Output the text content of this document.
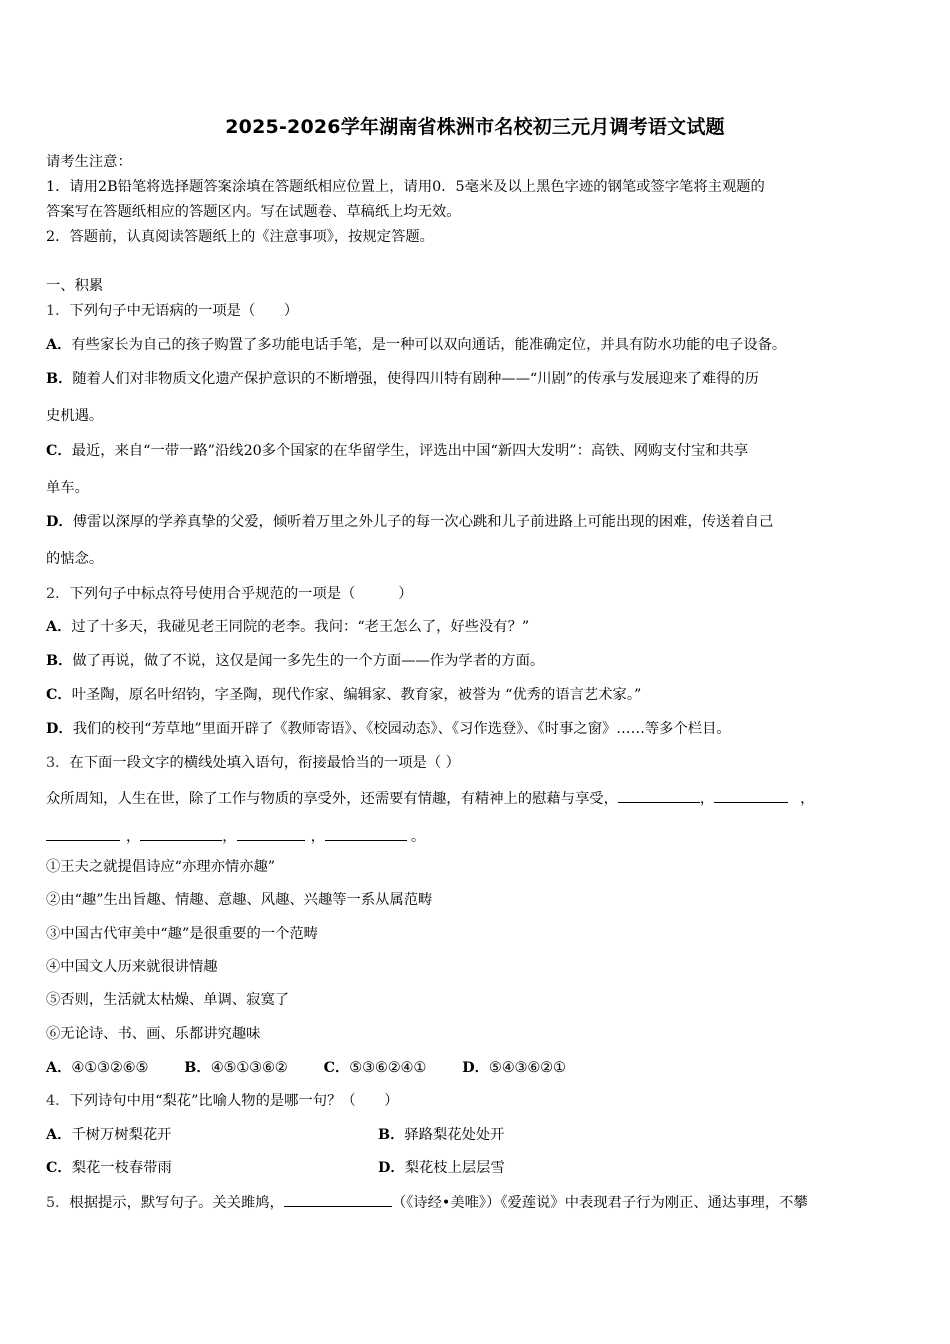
2025-2026学年湖南省株洲市名校初三元月调考语文试题
请考生注意：
1．请用2B铅笔将选择题答案涂填在答题纸相应位置上，请用0．5毫米及以上黑色字迹的钢笔或签字笔将主观题的
答案写在答题纸相应的答题区内。写在试题卷、草稿纸上均无效。
2．答题前，认真阅读答题纸上的《注意事项》，按规定答题。
一、积累
1．下列句子中无语病的一项是（　　）
A．有些家长为自己的孩子购置了多功能电话手笔，是一种可以双向通话，能准确定位，并具有防水功能的电子设备。
B．随着人们对非物质文化遗产保护意识的不断增强，使得四川特有剧种——“川剧”的传承与发展迎来了难得的历
史机遇。
C．最近，来自“一带一路”沿线20多个国家的在华留学生，评选出中国“新四大发明”：高铁、网购支付宝和共享
单车。
D．傅雷以深厚的学养真挚的父爱，倾听着万里之外儿子的每一次心跳和儿子前进路上可能出现的困难，传送着自己
的惦念。
2．下列句子中标点符号使用合乎规范的一项是（　　　）
A．过了十多天，我碰见老王同院的老李。我问：“老王怎么了，好些没有？”
B．做了再说，做了不说，这仅是闻一多先生的一个方面——作为学者的方面。
C．叶圣陶，原名叶绍钧，字圣陶，现代作家、编辑家、教育家，被誉为 “优秀的语言艺术家。”
D．我们的校刊“芳草地”里面开辟了《教师寄语》、《校园动态》、《习作选登》、《时事之窗》……等多个栏目。
3．在下面一段文字的横线处填入语句，衔接最恰当的一项是（ ）
众所周知，人生在世，除了工作与物质的享受外，还需要有情趣，有精神上的慰藉与享受，	，	，
，	，	，	。
①王夫之就提倡诗应“亦理亦情亦趣”
②由“趣”生出旨趣、情趣、意趣、风趣、兴趣等一系从属范畴
③中国古代审美中“趣”是很重要的一个范畴
④中国文人历来就很讲情趣
⑤否则，生活就太枯燥、单调、寂寞了
⑥无论诗、书、画、乐都讲究趣味
A．④①③②⑥⑤	B．④⑤①③⑥②	C．⑤③⑥②④①	D．⑤④③⑥②①
4．下列诗句中用“梨花”比喻人物的是哪一句？（　　）
A．千树万树梨花开	B．驿路梨花处处开
C．梨花一枝春带雨	D．梨花枝上层层雪
5．根据提示，默写句子。关关雎鸠，	（《诗经•美唯》）《爱莲说》中表现君子行为刚正、通达事理，不攀
